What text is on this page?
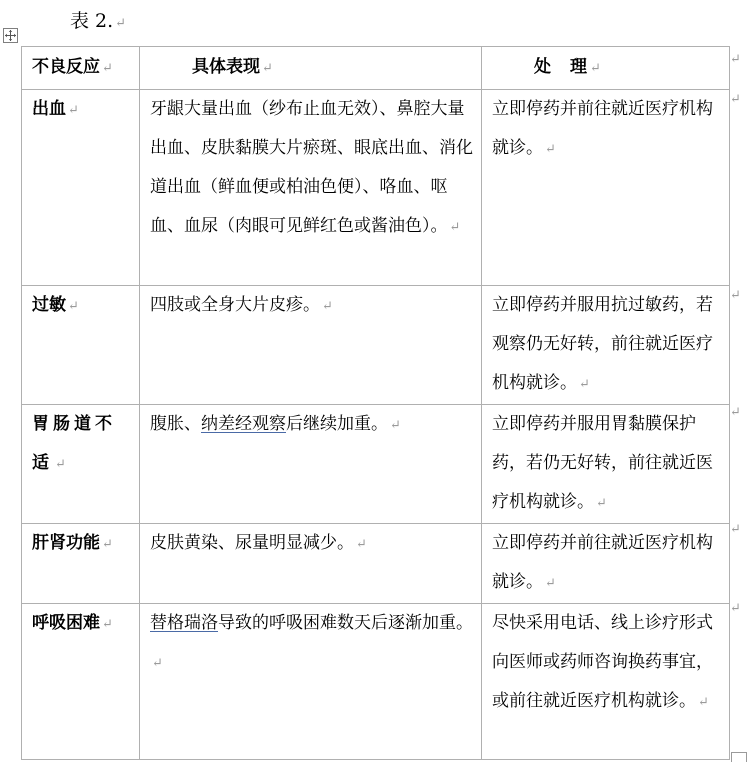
表 2. ↵
不良反应 ↵	具体表现 ↵	处　理 ↵
出血 ↵	牙龈大量出血（纱布止血无效）、鼻腔大量出血、皮肤黏膜大片瘀斑、眼底出血、消化道出血（鲜血便或柏油色便）、咯血、呕血、血尿（肉眼可见鲜红色或酱油色）。 ↵	立即停药并前往就近医疗机构就诊。 ↵
过敏 ↵	四肢或全身大片皮疹。 ↵	立即停药并服用抗过敏药，若观察仍无好转，前往就近医疗机构就诊。 ↵
胃肠道不适 ↵	腹胀、纳差经观察后继续加重。 ↵	立即停药并服用胃黏膜保护药，若仍无好转，前往就近医疗机构就诊。 ↵
肝肾功能 ↵	皮肤黄染、尿量明显减少。 ↵	立即停药并前往就近医疗机构就诊。 ↵
呼吸困难 ↵	替格瑞洛导致的呼吸困难数天后逐渐加重。↵	尽快采用电话、线上诊疗形式向医师或药师咨询换药事宜，或前往就近医疗机构就诊。 ↵
↵
↵
↵
↵
↵
↵
